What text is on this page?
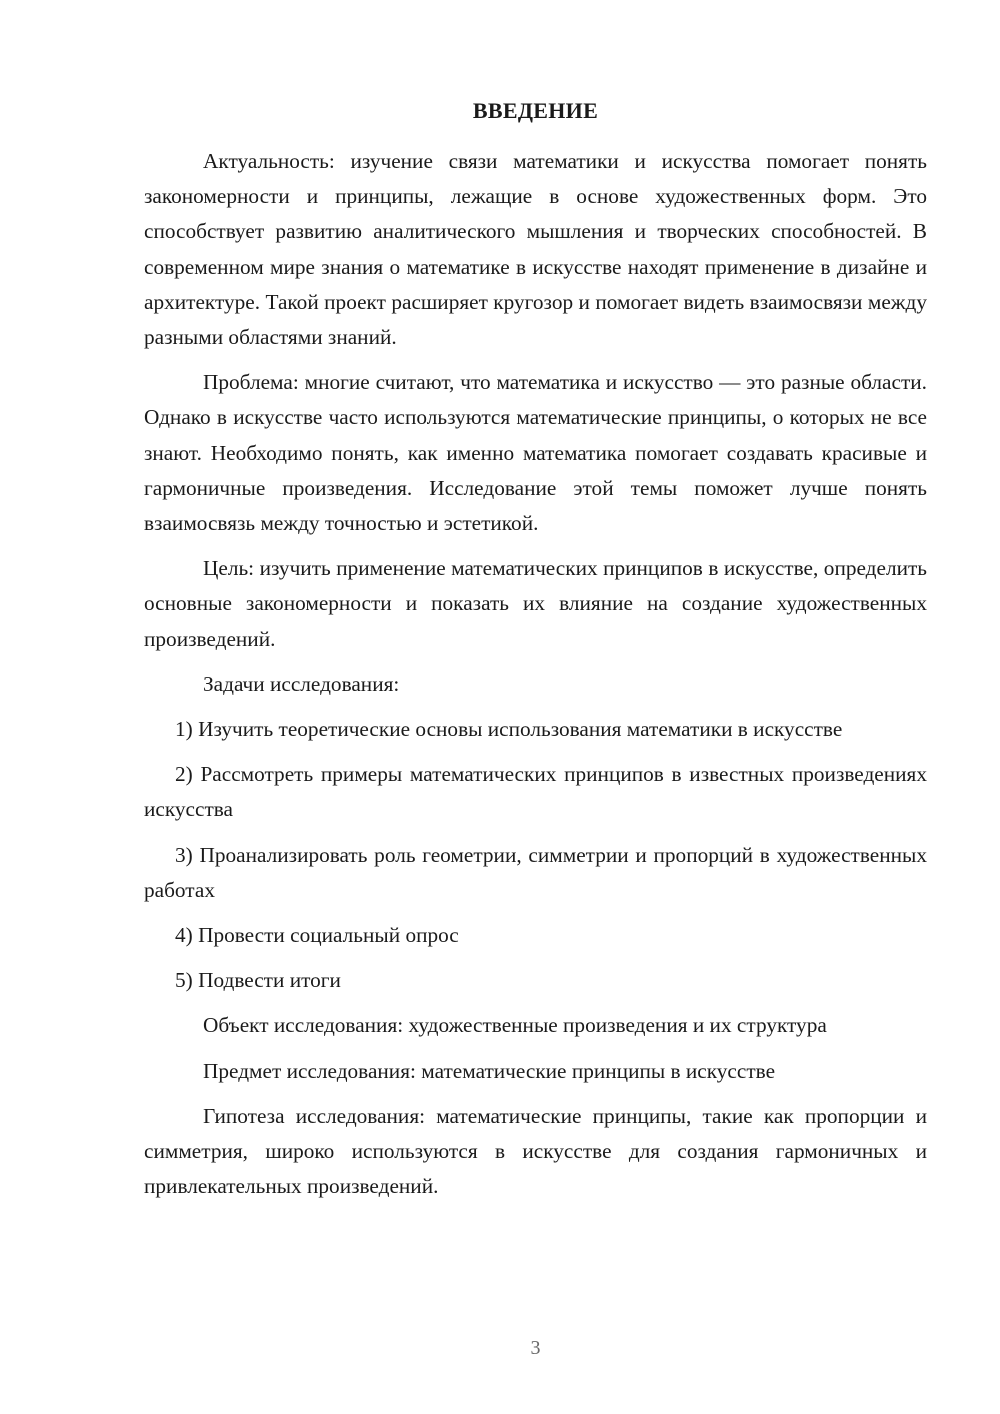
ВВЕДЕНИЕ

Актуальность: изучение связи математики и искусства помогает понять закономерности и принципы, лежащие в основе художественных форм. Это способствует развитию аналитического мышления и творческих способностей. В современном мире знания о математике в искусстве находят применение в дизайне и архитектуре. Такой проект расширяет кругозор и помогает видеть взаимосвязи между разными областями знаний.

Проблема: многие считают, что математика и искусство — это разные области. Однако в искусстве часто используются математические принципы, о которых не все знают. Необходимо понять, как именно математика помогает создавать красивые и гармоничные произведения. Исследование этой темы поможет лучше понять взаимосвязь между точностью и эстетикой.

Цель: изучить применение математических принципов в искусстве, определить основные закономерности и показать их влияние на создание художественных произведений.

Задачи исследования:

1) Изучить теоретические основы использования математики в искусстве

2) Рассмотреть примеры математических принципов в известных произведениях искусства

3) Проанализировать роль геометрии, симметрии и пропорций в художественных работах

4) Провести социальный опрос

5) Подвести итоги

Объект исследования: художественные произведения и их структура

Предмет исследования: математические принципы в искусстве

Гипотеза исследования: математические принципы, такие как пропорции и симметрия, широко используются в искусстве для создания гармоничных и привлекательных произведений.

3
